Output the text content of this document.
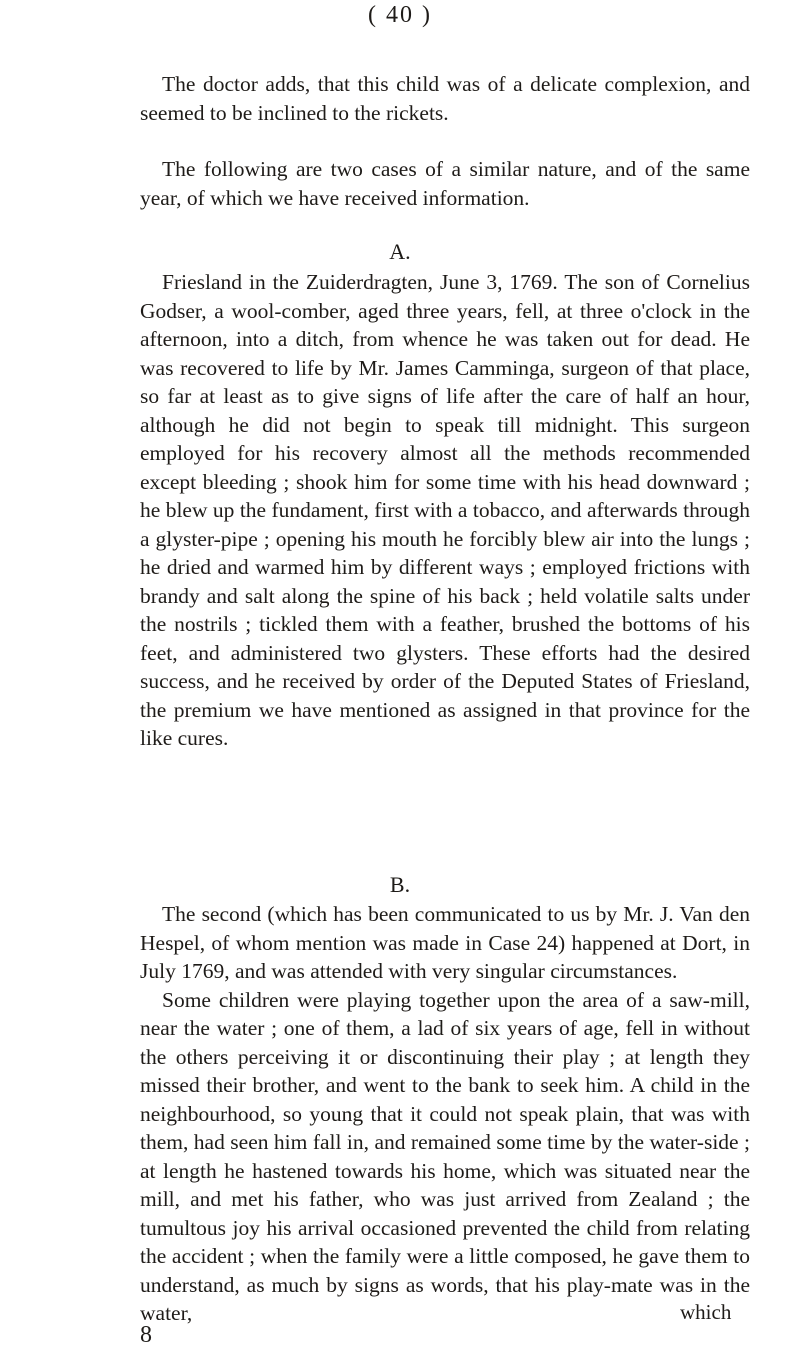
( 40 )

The doctor adds, that this child was of a delicate complexion, and seemed to be inclined to the rickets.

The following are two cases of a similar nature, and of the same year, of which we have received information.

A.

Friesland in the Zuiderdragten, June 3, 1769. The son of Cornelius Godser, a wool-comber, aged three years, fell, at three o'clock in the afternoon, into a ditch, from whence he was taken out for dead. He was recovered to life by Mr. James Camminga, surgeon of that place, so far at least as to give signs of life after the care of half an hour, although he did not begin to speak till midnight. This surgeon employed for his recovery almost all the methods recommended except bleeding ; shook him for some time with his head downward ; he blew up the fundament, first with a tobacco, and afterwards through a glyster-pipe ; opening his mouth he forcibly blew air into the lungs ; he dried and warmed him by different ways ; employed frictions with brandy and salt along the spine of his back ; held volatile salts under the nostrils ; tickled them with a feather, brushed the bottoms of his feet, and administered two glysters. These efforts had the desired success, and he received by order of the Deputed States of Friesland, the premium we have mentioned as assigned in that province for the like cures.

B.

The second (which has been communicated to us by Mr. J. Van den Hespel, of whom mention was made in Case 24) happened at Dort, in July 1769, and was attended with very singular circumstances.

Some children were playing together upon the area of a saw-mill, near the water ; one of them, a lad of six years of age, fell in without the others perceiving it or discontinuing their play ; at length they missed their brother, and went to the bank to seek him. A child in the neighbourhood, so young that it could not speak plain, that was with them, had seen him fall in, and remained some time by the water-side ; at length he hastened towards his home, which was situated near the mill, and met his father, who was just arrived from Zealand ; the tumultous joy his arrival occasioned prevented the child from relating the accident ; when the family were a little composed, he gave them to understand, as much by signs as words, that his play-mate was in the water,	which
8
